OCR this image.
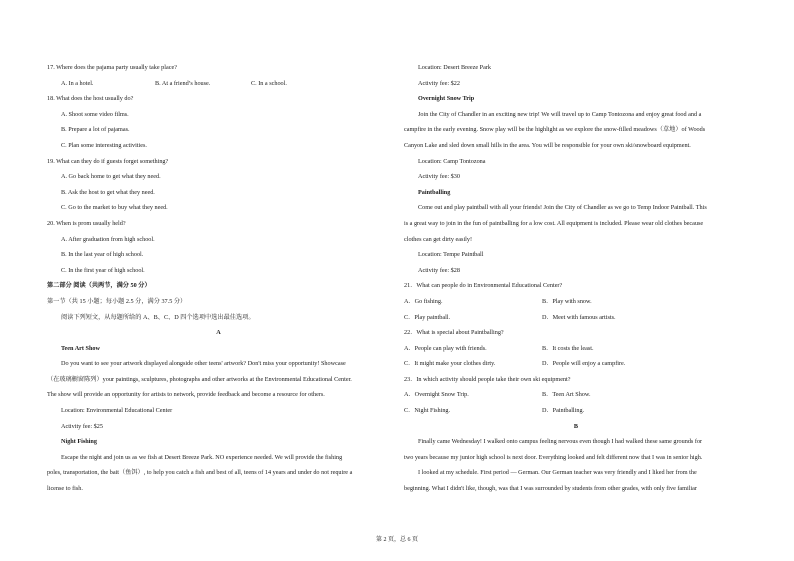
17. Where does the pajama party usually take place?
A. In a hotel.	B. At a friend’s house.	C. In a school.
18. What does the host usually do?
A. Shoot some video films.
B. Prepare a lot of pajamas.
C. Plan some interesting activities.
19. What can they do if guests forget something?
A. Go back home to get what they need.
B. Ask the host to get what they need.
C. Go to the market to buy what they need.
20. When is prom usually held?
A. After graduation from high school.
B. In the last year of high school.
C. In the first year of high school.
第二部分 阅读（共两节，满分 50 分）
第一节（共 15 小题；每小题 2.5 分，满分 37.5 分）
阅读下列短文，从每题所给的 A、B、C、D 四个选项中选出最佳选项。
A
Teen Art Show
Do you want to see your artwork displayed alongside other teens' artwork? Don't miss your opportunity! Showcase
（在玻璃橱窗陈列）your paintings, sculptures, photographs and other artworks at the Environmental Educational Center.
The show will provide an opportunity for artists to network, provide feedback and become a resource for others.
Location: Environmental Educational Center
Activity fee: $25
Night Fishing
Escape the night and join us as we fish at Desert Breeze Park. NO experience needed. We will provide the fishing
poles, transportation, the bait（鱼饵）, to help you catch a fish and best of all, teens of 14 years and under do not require a
license to fish.
Location: Desert Breeze Park
Activity fee: $22
Overnight Snow Trip
Join the City of Chandler in an exciting new trip! We will travel up to Camp Tontozona and enjoy great food and a
campfire in the early evening. Snow play will be the highlight as we explore the snow-filled meadows（草地）of Woods
Canyon Lake and sled down small hills in the area. You will be responsible for your own ski/snowboard equipment.
Location: Camp Tontozona
Activity fee: $30
Paintballing
Come out and play paintball with all your friends! Join the City of Chandler as we go to Temp Indoor Paintball. This
is a great way to join in the fun of paintballing for a low cost. All equipment is included. Please wear old clothes because
clothes can get dirty easily!
Location: Tempe Paintball
Activity fee: $28
21．What can people do in Environmental Educational Center?
A．Go fishing.	B．Play with snow.
C．Play paintball.	D．Meet with famous artists.
22．What is special about Paintballing?
A．People can play with friends.	B．It costs the least.
C．It might make your clothes dirty.	D．People will enjoy a campfire.
23．In which activity should people take their own ski equipment?
A．Overnight Snow Trip.	B．Teen Art Show.
C．Night Fishing.	D．Paintballing.
B
Finally came Wednesday! I walked onto campus feeling nervous even though I had walked these same grounds for
two years because my junior high school is next door. Everything looked and felt different now that I was in senior high.
I looked at my schedule. First period — German. Our German teacher was very friendly and I liked her from the
beginning. What I didn't like, though, was that I was surrounded by students from other grades, with only five familiar
第 2 页，总 6 页
